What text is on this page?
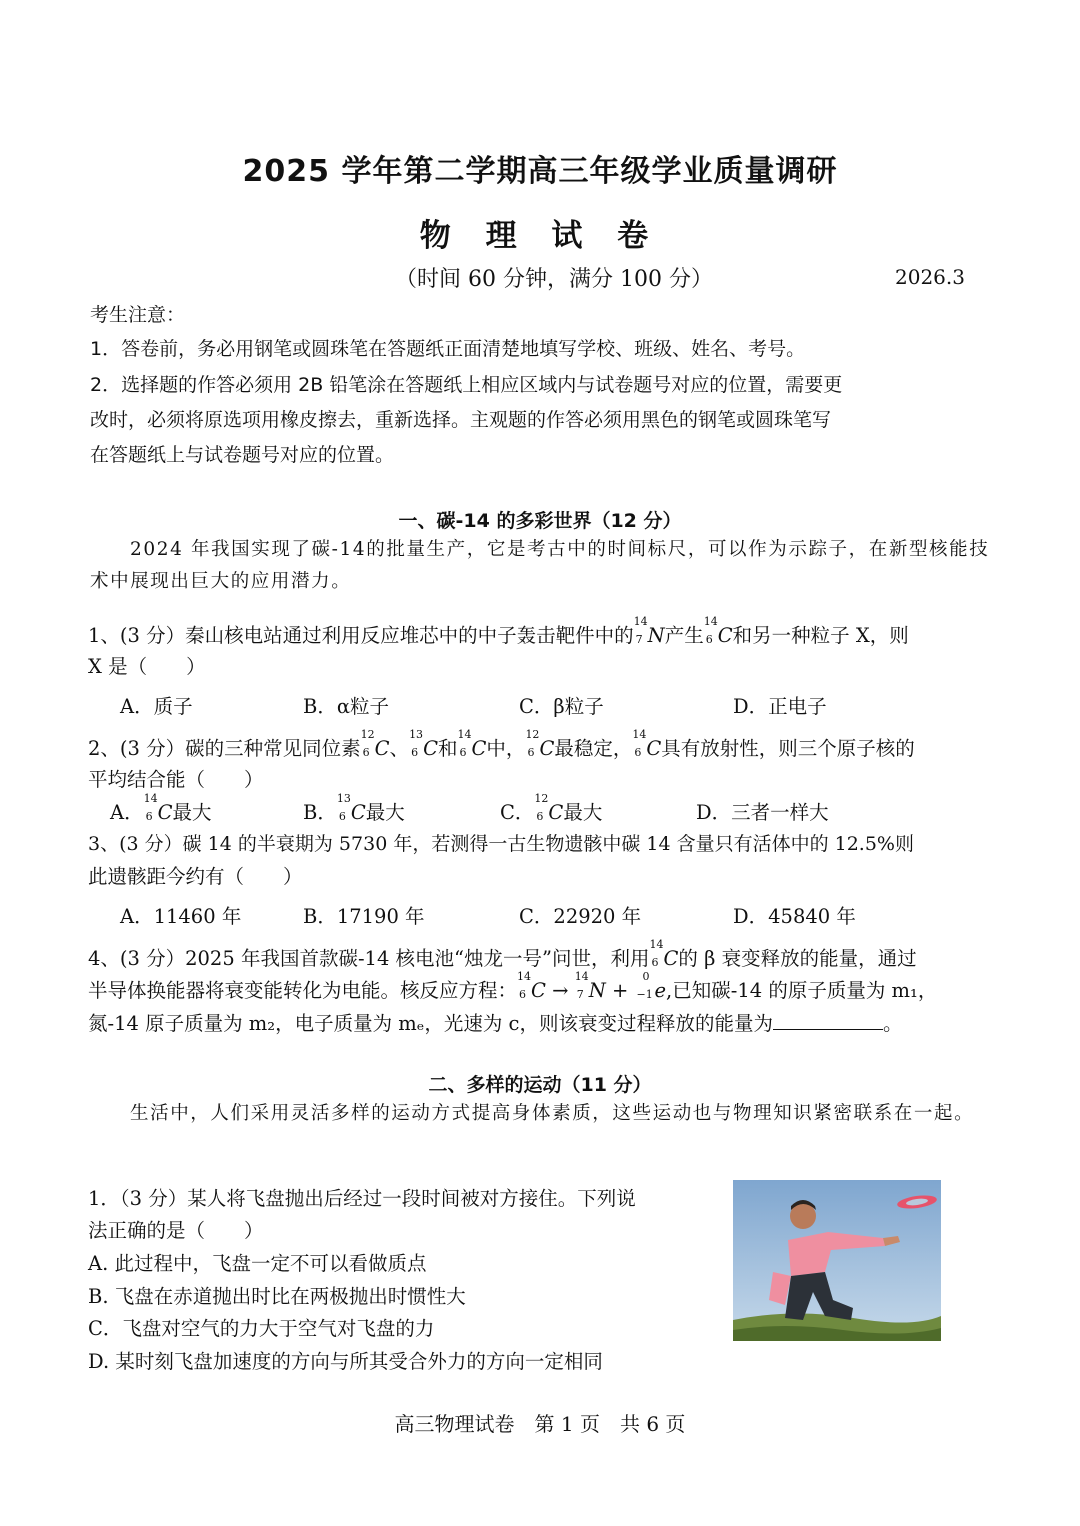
2025 学年第二学期高三年级学业质量调研
物 理 试 卷
（时间 60 分钟，满分 100 分）	2026.3
考生注意：
1．答卷前，务必用钢笔或圆珠笔在答题纸正面清楚地填写学校、班级、姓名、考号。
2．选择题的作答必须用 2B 铅笔涂在答题纸上相应区域内与试卷题号对应的位置，需要更
改时，必须将原选项用橡皮擦去，重新选择。主观题的作答必须用黑色的钢笔或圆珠笔写
在答题纸上与试卷题号对应的位置。
一、碳-14 的多彩世界（12 分）
2024 年我国实现了碳-14的批量生产，它是考古中的时间标尺，可以作为示踪子，在新型核能技术中展现出巨大的应用潜力。
1、(3 分）秦山核电站通过利用反应堆芯中的中子轰击靶件中的
14
7 N产生
14
6 C和另一种粒子 X，则
X 是（　　）
A．质子	B．α粒子	C．β粒子	D．正电子
2、(3 分）碳的三种常见同位素
12
6 C、
13
6 C和
14
6 C中，
12
6 C最稳定，
14
6 C具有放射性，则三个原子核的
平均结合能（　　）
A．
14
6 C最大	B．
13
6 C最大	C．
12
6 C最大	D．三者一样大
3、(3 分）碳 14 的半衰期为 5730 年，若测得一古生物遗骸中碳 14 含量只有活体中的 12.5%则
此遗骸距今约有（　　）
A．11460 年	B．17190 年	C．22920 年	D．45840 年
4、(3 分）2025 年我国首款碳-14 核电池“烛龙一号”问世，利用
14
6 C的 β 衰变释放的能量，通过
半导体换能器将衰变能转化为电能。核反应方程：
14
6 C →
14
7 N +
0
−1 e,已知碳-14 的原子质量为 m₁，
氮-14 原子质量为 m₂，电子质量为 mₑ，光速为 c，则该衰变过程释放的能量为	。
二、多样的运动（11 分）
生活中，人们采用灵活多样的运动方式提高身体素质，这些运动也与物理知识紧密联系在一起。
1．（3 分）某人将飞盘抛出后经过一段时间被对方接住。下列说
法正确的是（　　）
A. 此过程中，飞盘一定不可以看做质点
B. 飞盘在赤道抛出时比在两极抛出时惯性大
C．飞盘对空气的力大于空气对飞盘的力
D. 某时刻飞盘加速度的方向与所其受合外力的方向一定相同
高三物理试卷　第 1 页　共 6 页
